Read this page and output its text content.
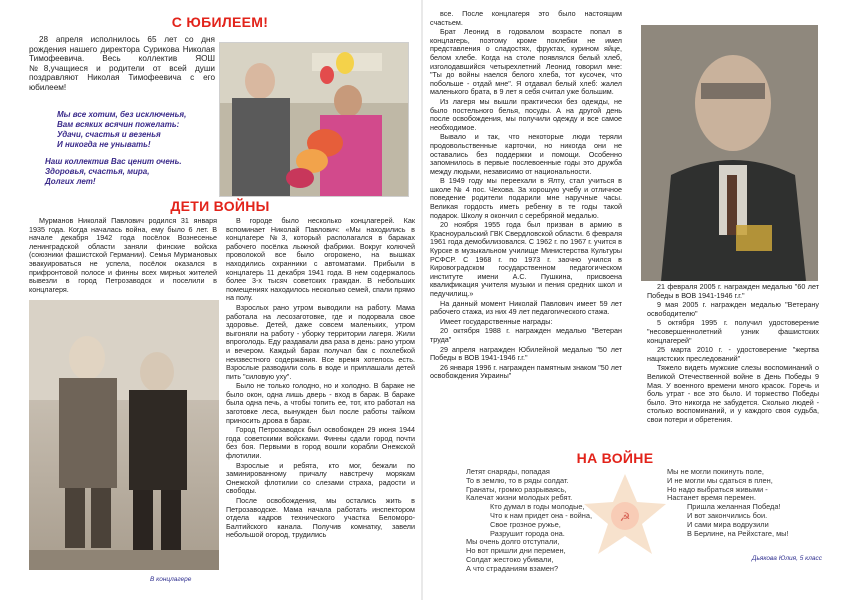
С ЮБИЛЕЕМ!

28 апреля исполнилось 65 лет со дня рождения нашего директора Сурикова Николая Тимофеевича. Весь коллектив ЯОШ №8,учащиеся и родители от всей души поздравляют Николая Тимофеевича с его юбилеем!

Мы все хотим, без исключенья,
Вам всяких всячин пожелать:
Удачи, счастья и везенья
И никогда не унывать!
Наш коллектив Вас ценит очень.
Здоровья, счастья, мира,
Долгих лет!
ДЕТИ ВОЙНЫ

Мурманов Николай Павлович родился 31 января 1935 года. Когда началась война, ему было 6 лет. В начале декабря 1942 года посёлок Вознесенье ленинградской области заняли финские войска (союзники фашистской Германии). Семья Мурмановых эвакуироваться не успела, посёлок оказался в прифронтовой полосе и финны всех мирных жителей вывезли в город Петрозаводск и поселили в концлагеря.

В концлагере

В городе было несколько концлагерей. Как вспоминает Николай Павлович: «Мы находились в концлагере №3, который располагался в бараках рабочего посёлка лыжной фабрики. Вокруг колючей проволокой все было огорожено, на вышках находились охранники с автоматами. Прибыли в концлагерь 11 декабря 1941 года. В нем содержалось более 3-х тысяч советских граждан. В небольших помещениях находилось несколько семей, спали прямо на полу.

Взрослых рано утром выводили на работу. Мама работала на лесозаготовке, где и подорвала свое здоровье. Детей, даже совсем маленьких, утром выгоняли на работу - уборку территории лагеря. Жили впроголодь. Еду раздавали два раза в день: рано утром и вечером. Каждый барак получал бак с похлебкой неизвестного содержания. Все время хотелось есть. Взрослые разводили соль в воде и приплашали детей пить "силовую уху".

Было не только голодно, но и холодно. В бараке не было окон, одна лишь дверь - вход в барак. В бараке была одна печь, а чтобы топить ее, тот, кто работал на заготовке леса, вынужден был после работы тайком приносить дрова в барак.

Город Петрозаводск был освобожден 29 июня 1944 года советскими войсками. Финны сдали город почти без боя. Первыми в город вошли корабли Онежской флотилии.

Взрослые и ребята, кто мог, бежали по заминированному причалу навстречу морякам Онежской флотилии со слезами страха, радости и свободы.

После освобождения, мы остались жить в Петрозаводске. Мама начала работать инспектором отдела кадров технического участка Беломоро-Балтийского канала. Получив комнатку, завели небольшой огород, трудились

все. После концлагеря это было настоящим счастьем.

Брат Леонид в годовалом возрасте попал в концлагерь, поэтому кроме похлебки не имел представления о сладостях, фруктах, курином яйце, белом хлебе. Когда на столе появлялся белый хлеб, изголодавшийся четырехлетний Леонид говорил мне: "Ты до войны наелся белого хлеба, тот кусочек, что побольше - отдай мне". Я отдавал белый хлеб: жалел маленького брата, в 9 лет я себя считал уже большим.

Из лагеря мы вышли практически без одежды, не было постельного белья, посуды. А на другой день после освобождения, мы получили одежду и все самое необходимое.

Вывало и так, что некоторые люди теряли продовольственные карточки, но никогда они не оставались без поддержки и помощи. Особенно запомнилось в первые послевоенные годы это дружба между людьми, независимо от национальности.

В 1949 году мы переехали в Ялту, стал учиться в школе № 4 пос. Чехова. За хорошую учебу и отличное поведение родители подарили мне наручные часы. Великая гордость иметь ребенку в те годы такой подарок. Школу я окончил с серебряной медалью.

20 ноября 1955 года был призван в армию в Красноуральский ГВК Свердловской области. 6 февраля 1961 года демобилизовался. С 1962 г. по 1967 г. учится в Курске в музыкальном училище Министерства Культуры РСФСР. С 1968 г. по 1973 г. заочно учился в Кировоградском государственном педагогическом институте имени А.С. Пушкина, присвоена квалификация учителя музыки и пения средних школ и педучилищ.»

На данный момент Николай Павлович имеет 59 лет рабочего стажа, из них 49 лет педагогического стажа.

Имеет государственные награды:

20 октября 1988 г. награжден медалью "Ветеран труда"

29 апреля награжден Юбилейной медалью "50 лет Победы в ВОВ 1941-1946 г.г."

26 января 1996 г. награжден памятным знаком "50 лет освобождения Украины"

21 февраля 2005 г. награжден медалью "60 лет Победы в ВОВ 1941-1946 г.г."

9 мая 2005 г. награжден медалью "Ветерану освободителю"

5 октября 1995 г. получил удостоверение "несовершеннолетний узник фашистских концлагерей"

25 марта 2010 г. - удостоверение "жертва нацистских преследований"

Тяжело видеть мужские слезы воспоминаний о Великой Отечественной войне в День Победы 9 Мая. У военного времени много красок. Горечь и боль утрат - все это было. И торжество Победы было. Это никогда не забудется. Сколько людей - столько воспоминаний, и у каждого своя судьба, свои потери и обретения.

НА ВОЙНЕ
☭
Летят снаряды, попадая
То в землю, то в ряды солдат.
Гранаты, громко разрываясь,
Калечат жизни молодых ребят.
Кто думал в годы молодые,
Что к нам придет она - война,
Свое грозное ружье,
Разрушит города она.
Мы очень долго отступали,
Но вот пришли дни перемен,
Солдат жестоко убивали,
А что страданиям взамен?
Мы не могли покинуть поле,
И не могли мы сдаться в плен,
Но надо выбраться живыми -
Настанет время перемен.
Пришла желанная Победа!
И вот закончились бои.
И сами мира водрузили
В Берлине, на Рейхстаге, мы!
Дьякова Юлия, 5 класс
